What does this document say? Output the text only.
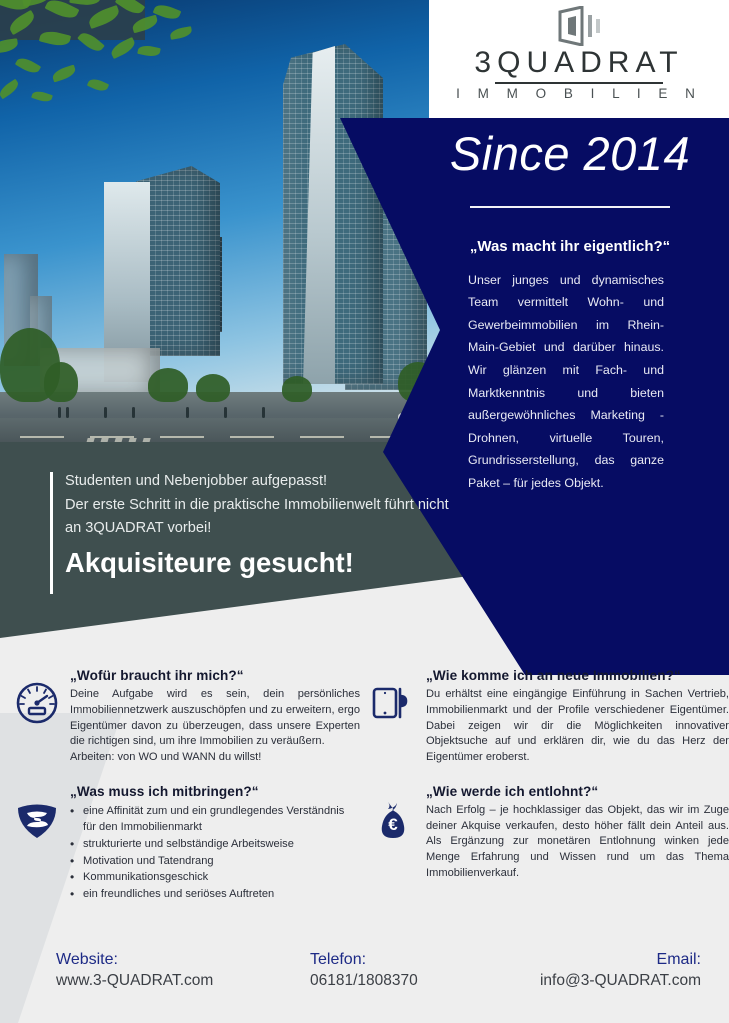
Since 2014
„Was macht ihr eigentlich?“

Unser junges und dynamisches Team vermittelt Wohn- und Gewerbeimmobilien im Rhein-Main-Gebiet und darüber hinaus. Wir glänzen mit Fach- und Marktkenntnis und bieten außergewöhnliches Marketing - Drohnen, virtuelle Touren, Grundrisserstellung, das ganze Paket – für jedes Objekt.

3QUADRAT
I M M O B I L I E N

Studenten und Nebenjobber aufgepasst!

Der erste Schritt in die praktische Immobilienwelt führt nicht

an 3QUADRAT vorbei!

Akquisiteure gesucht!

„Wofür braucht ihr mich?“

Deine Aufgabe wird es sein, dein persönliches Immobiliennetzwerk auszuschöpfen und zu erweitern, ergo Eigentümer davon zu überzeugen, dass unsere Experten die richtigen sind, um ihre Immobilien zu veräußern.

Arbeiten: von WO und WANN du willst!

„Wie komme ich an neue Immobilien?“

Du erhältst eine eingängige Einführung in Sachen Vertrieb, Immobilienmarkt und der Profile verschiedener Eigentümer. Dabei zeigen wir dir die Möglichkeiten innovativer Objektsuche auf und erklären dir, wie du das Herz der Eigentümer eroberst.

„Was muss ich mitbringen?“
• eine Affinität zum und ein grundlegendes Verständnis für den Immobilienmarkt
• strukturierte und selbständige Arbeitsweise
• Motivation und Tatendrang
• Kommunikationsgeschick
• ein freundliches und seriöses Auftreten
€
„Wie werde ich entlohnt?“

Nach Erfolg – je hochklassiger das Objekt, das wir im Zuge deiner Akquise verkaufen, desto höher fällt dein Anteil aus. Als Ergänzung zur monetären Entlohnung winken jede Menge Erfahrung und Wissen rund um das Thema Immobilienverkauf.

Website:

www.3-QUADRAT.com

Telefon:

06181/1808370

Email:

info@3-QUADRAT.com
